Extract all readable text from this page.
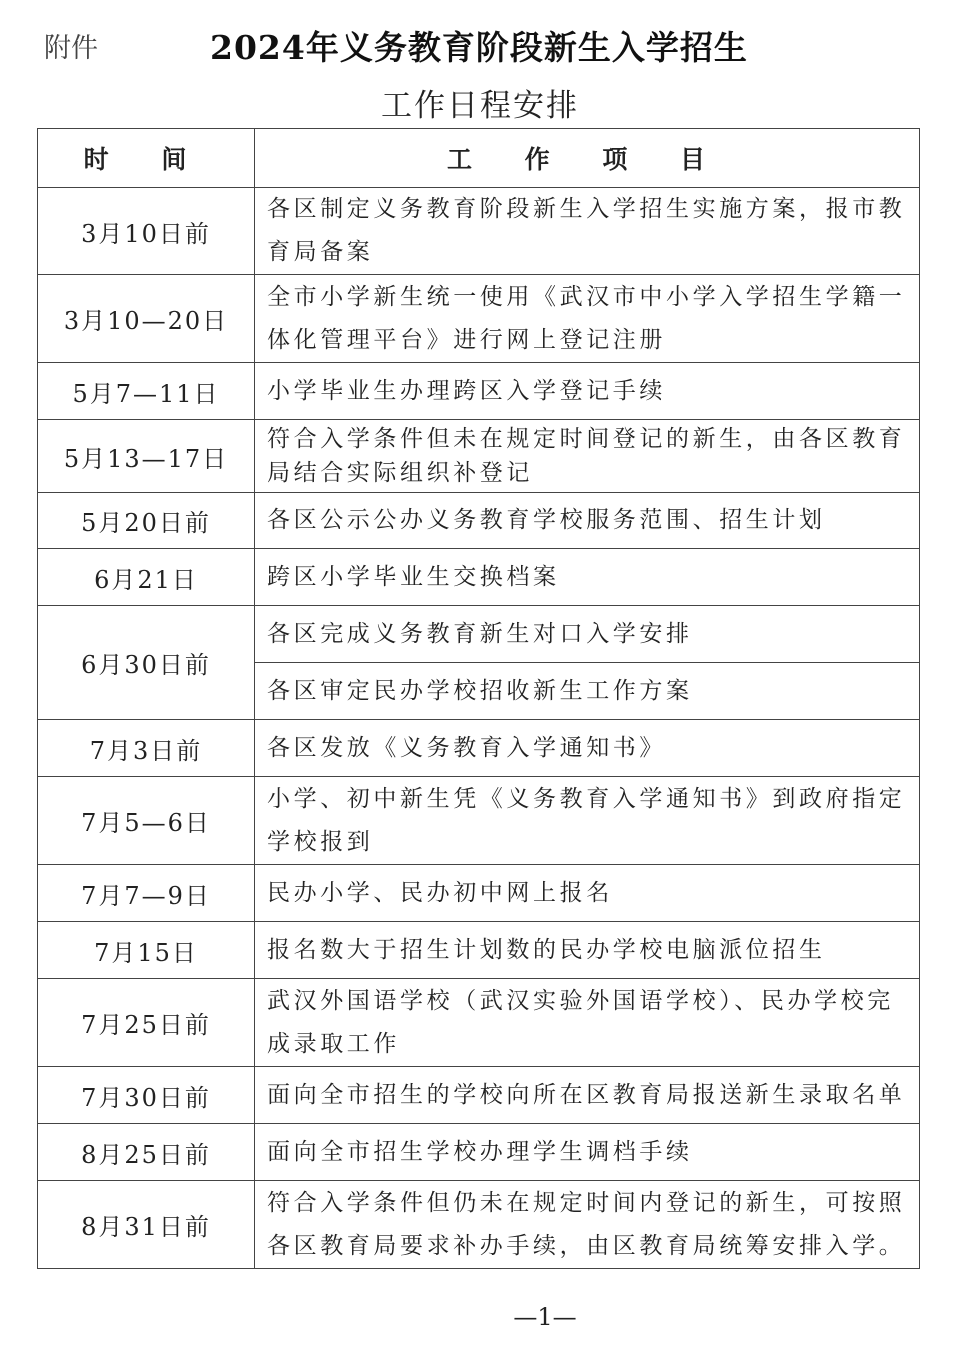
附件	2024年义务教育阶段新生入学招生
工作日程安排
时 间	工 作 项 目
3月10日前	各区制定义务教育阶段新生入学招生实施方案，报市教育局备案
3月10—20日	全市小学新生统一使用《武汉市中小学入学招生学籍一体化管理平台》进行网上登记注册
5月7—11日	小学毕业生办理跨区入学登记手续
5月13—17日	符合入学条件但未在规定时间登记的新生，由各区教育局结合实际组织补登记
5月20日前	各区公示公办义务教育学校服务范围、招生计划
6月21日	跨区小学毕业生交换档案
6月30日前	各区完成义务教育新生对口入学安排
	各区审定民办学校招收新生工作方案
7月3日前	各区发放《义务教育入学通知书》
7月5—6日	小学、初中新生凭《义务教育入学通知书》到政府指定学校报到
7月7—9日	民办小学、民办初中网上报名
7月15日	报名数大于招生计划数的民办学校电脑派位招生
7月25日前	武汉外国语学校（武汉实验外国语学校）、民办学校完成录取工作
7月30日前	面向全市招生的学校向所在区教育局报送新生录取名单
8月25日前	面向全市招生学校办理学生调档手续
8月31日前	符合入学条件但仍未在规定时间内登记的新生，可按照各区教育局要求补办手续，由区教育局统筹安排入学。
—1—
